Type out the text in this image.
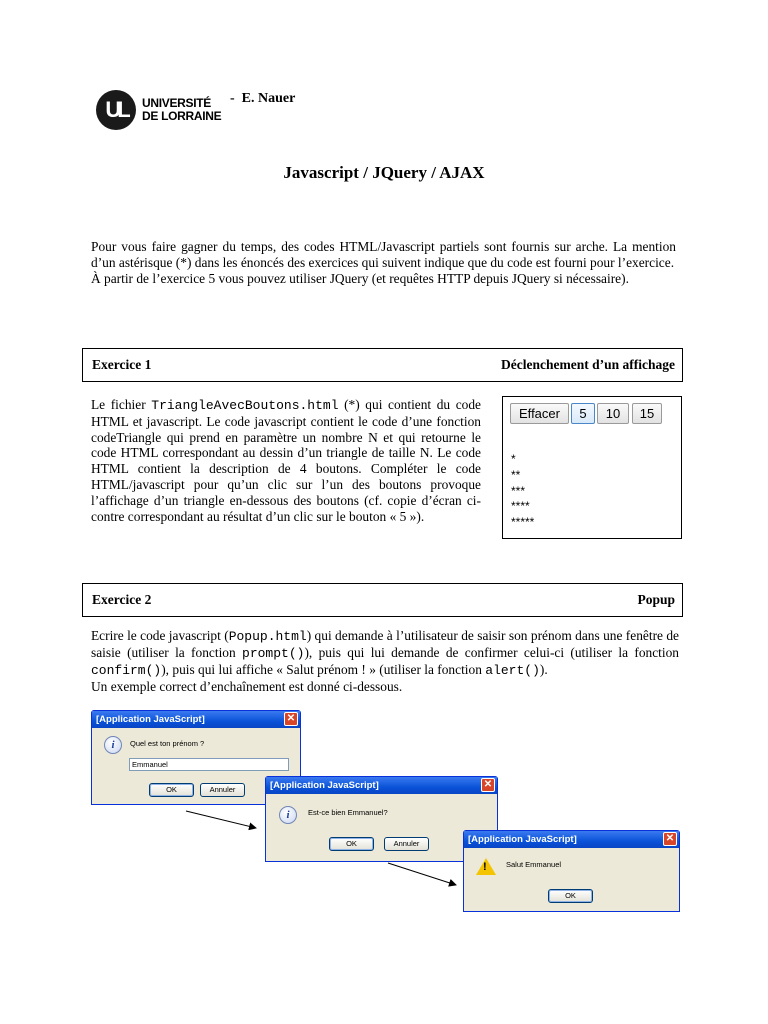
UL	UNIVERSITÉ
DE LORRAINE
- E. Nauer
Javascript / JQuery / AJAX

Pour vous faire gagner du temps, des codes HTML/Javascript partiels sont fournis sur arche. La mention d’un astérisque (*) dans les énoncés des exercices qui suivent indique que du code est fourni pour l’exercice.

À partir de l’exercice 5 vous pouvez utiliser JQuery (et requêtes HTTP depuis JQuery si nécessaire).

Exercice 1	Déclenchement d’un affichage
Le fichier TriangleAvecBoutons.html (*) qui contient du code HTML et javascript. Le code javascript contient le code d’une fonction codeTriangle qui prend en paramètre un nombre N et qui retourne le code HTML correspondant au dessin d’un triangle de taille N. Le code HTML contient la description de 4 boutons. Compléter le code HTML/javascript pour qu’un clic sur l’un des boutons provoque l’affichage d’un triangle en-dessous des boutons (cf. copie d’écran ci-contre correspondant au résultat d’un clic sur le bouton « 5 »).
Effacer	5	10	15
*
**
***
****
*****
Exercice 2	Popup

Ecrire le code javascript (Popup.html) qui demande à l’utilisateur de saisir son prénom dans une fenêtre de saisie (utiliser la fonction prompt()), puis qui lui demande de confirmer celui-ci (utiliser la fonction confirm()), puis qui lui affiche « Salut prénom ! » (utiliser la fonction alert()).

Un exemple correct d’enchaînement est donné ci-dessous.

[Application JavaScript]	✕
i	Quel est ton prénom ?
Emmanuel
OK	Annuler	[Application JavaScript]	✕
i	Est-ce bien Emmanuel?
OK	Annuler	[Application JavaScript]	✕
!	Salut Emmanuel
OK
